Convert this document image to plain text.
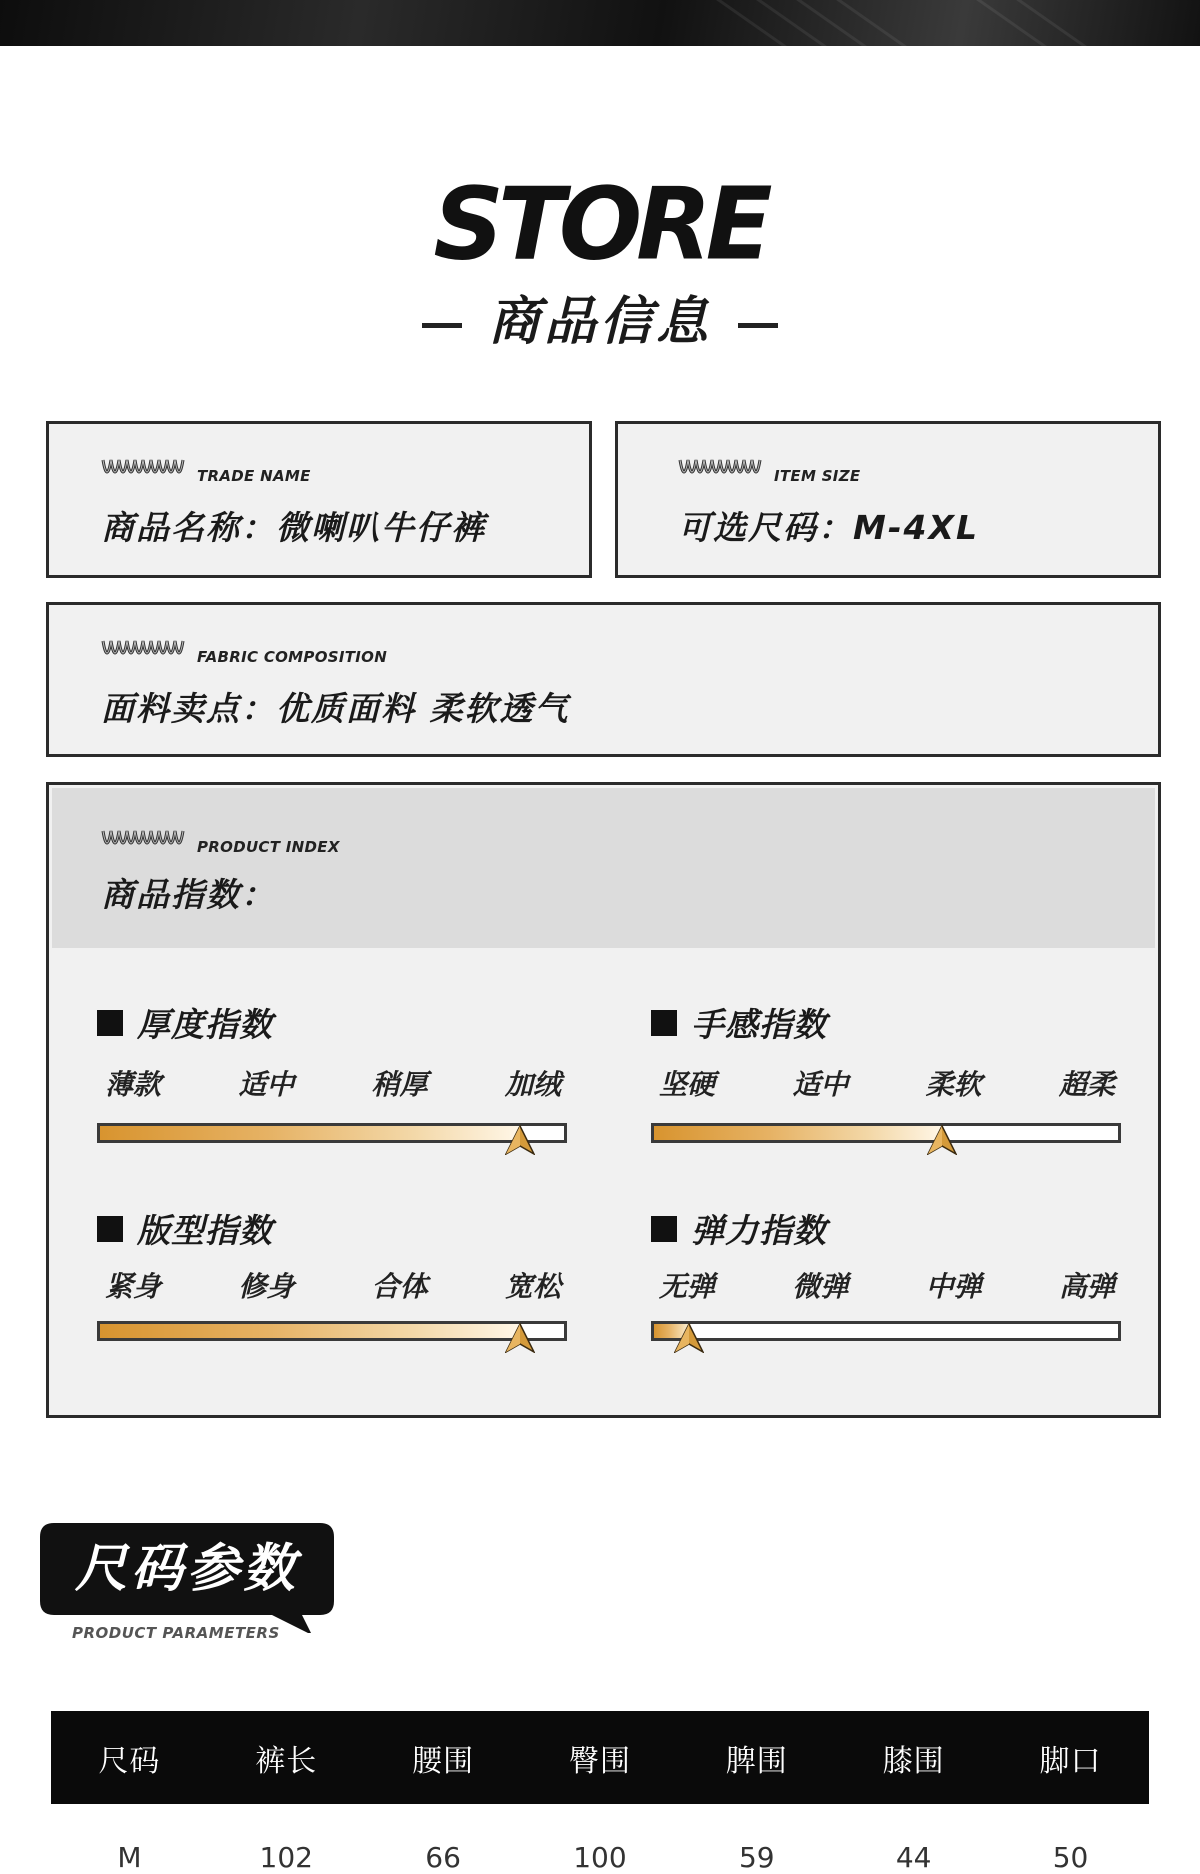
STORE
商品信息
TRADE NAME
商品名称：微喇叭牛仔裤
ITEM SIZE
可选尺码：M-4XL
FABRIC COMPOSITION
面料卖点：优质面料 柔软透气
PRODUCT INDEX
商品指数：
厚度指数
薄款	适中	稍厚	加绒
手感指数
坚硬	适中	柔软	超柔
版型指数
紧身	修身	合体	宽松
弹力指数
无弹	微弹	中弹	高弹
尺码参数
PRODUCT PARAMETERS
尺码	裤长	腰围	臀围	脾围	膝围	脚口
M	102	66	100	59	44	50
